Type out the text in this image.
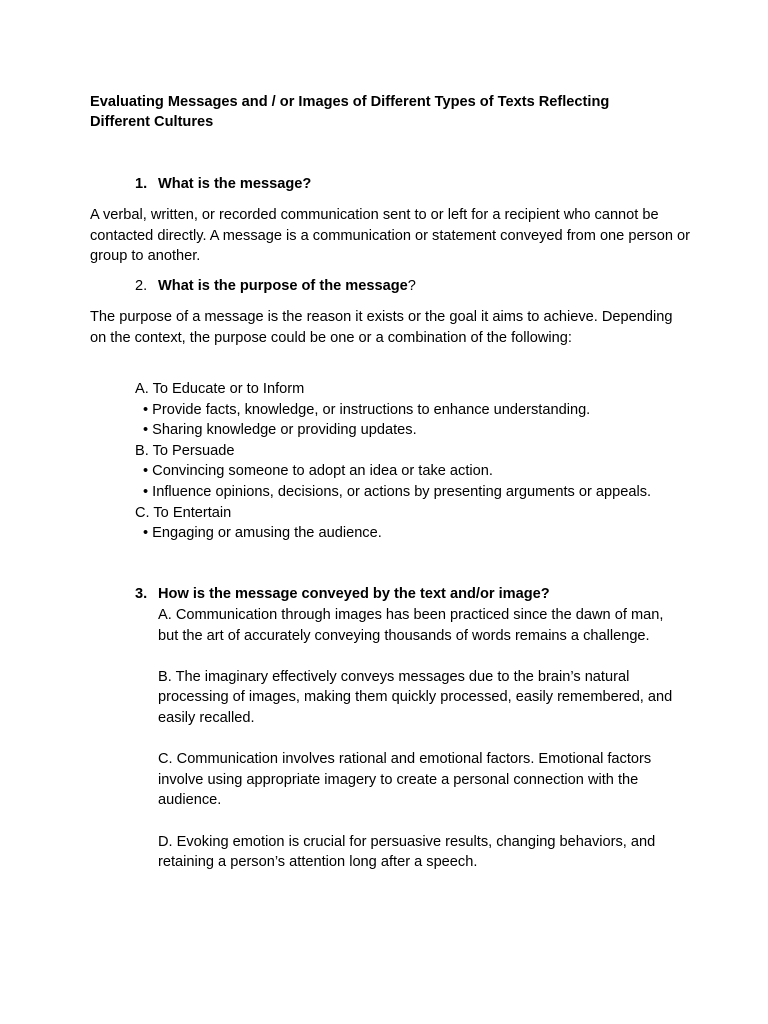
Evaluating Messages and / or Images of Different Types of Texts Reflecting Different Cultures
1. What is the message?
A verbal, written, or recorded communication sent to or left for a recipient who cannot be contacted directly. A message is a communication or statement conveyed from one person or group to another.
2. What is the purpose of the message?
The purpose of a message is the reason it exists or the goal it aims to achieve. Depending on the context, the purpose could be one or a combination of the following:
A. To Educate or to Inform
• Provide facts, knowledge, or instructions to enhance understanding.
• Sharing knowledge or providing updates.
B. To Persuade
• Convincing someone to adopt an idea or take action.
• Influence opinions, decisions, or actions by presenting arguments or appeals.
C. To Entertain
• Engaging or amusing the audience.
3. How is the message conveyed by the text and/or image?

A. Communication through images has been practiced since the dawn of man, but the art of accurately conveying thousands of words remains a challenge.

B. The imaginary effectively conveys messages due to the brain’s natural processing of images, making them quickly processed, easily remembered, and easily recalled.

C. Communication involves rational and emotional factors. Emotional factors involve using appropriate imagery to create a personal connection with the audience.

D. Evoking emotion is crucial for persuasive results, changing behaviors, and retaining a person’s attention long after a speech.
